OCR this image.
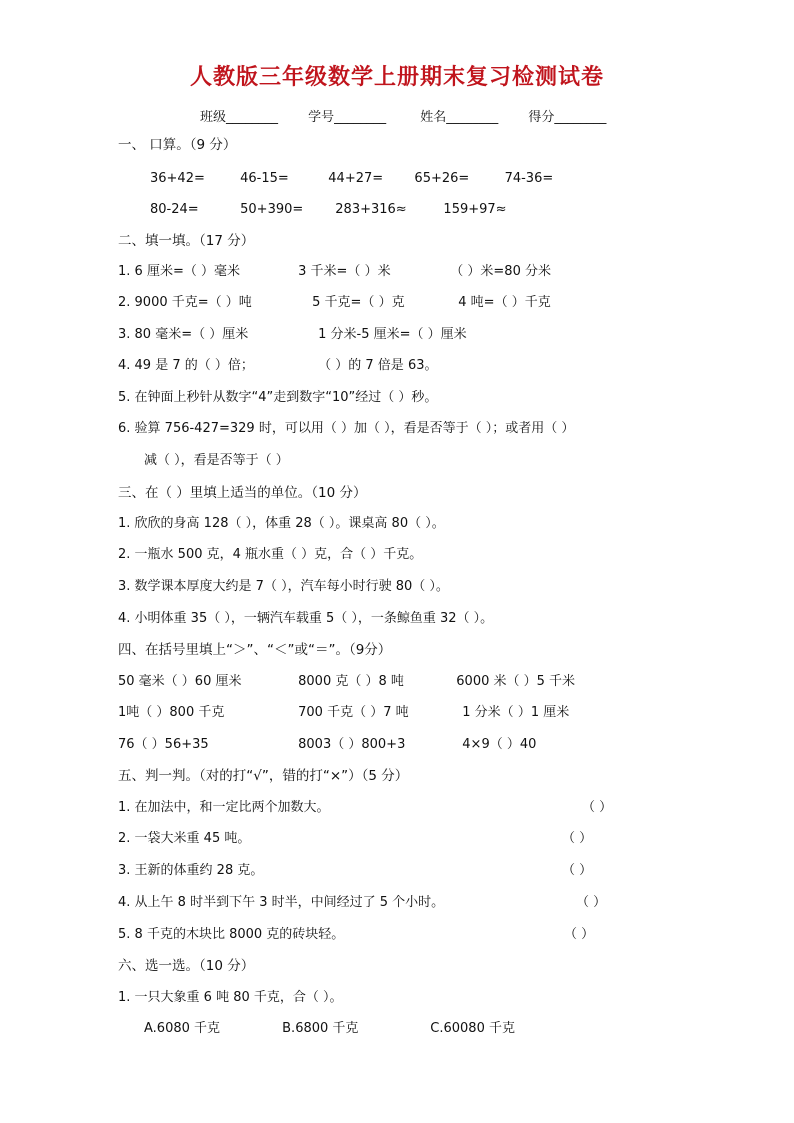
人教版三年级数学上册期末复习检测试卷
班级________ 学号________	姓名________ 得分________
一、 口算。（9 分）
36+42=	46-15=	44+27= 65+26=	74-36=
80-24=	50+390= 283+316≈	159+97≈
二、填一填。（17 分）
1. 6 厘米=（ ）毫米	3 千米=（ ）米	（ ）米=80 分米
2. 9000 千克=（ ）吨	5 千克=（ ）克	4 吨=（ ）千克
3. 80 毫米=（ ）厘米	1 分米-5 厘米=（ ）厘米
4. 49 是 7 的（ ）倍；	（ ）的 7 倍是 63。
5. 在钟面上秒针从数字“4”走到数字“10”经过（ ）秒。
6. 验算 756-427=329 时，可以用（ ）加（ ），看是否等于（ ）；或者用（ ）
减（ ），看是否等于（ ）
三、在（ ）里填上适当的单位。（10 分）
1. 欣欣的身高 128（ ），体重 28（ ）。课桌高 80（ ）。
2. 一瓶水 500 克，4 瓶水重（ ）克，合（ ）千克。
3. 数学课本厚度大约是 7（ ），汽车每小时行驶 80（ ）。
4. 小明体重 35（ ），一辆汽车载重 5（ ），一条鲸鱼重 32（ ）。
四、在括号里填上“＞”、“＜”或“＝”。（9分）
50 毫米（ ）60 厘米	8000 克（ ）8 吨	6000 米（ ）5 千米
1吨（ ）800 千克	700 千克（ ）7 吨	1 分米（ ）1 厘米
76（ ）56+35	8003（ ）800+3	4×9（ ）40
五、判一判。（对的打“√”，错的打“×”）（5 分）
1. 在加法中，和一定比两个加数大。	（ ）
2. 一袋大米重 45 吨。	（ ）
3. 王新的体重约 28 克。	（ ）
4. 从上午 8 时半到下午 3 时半，中间经过了 5 个小时。	（ ）
5. 8 千克的木块比 8000 克的砖块轻。	（ ）
六、选一选。（10 分）
1. 一只大象重 6 吨 80 千克，合（ ）。
A.6080 千克	B.6800 千克	C.60080 千克
